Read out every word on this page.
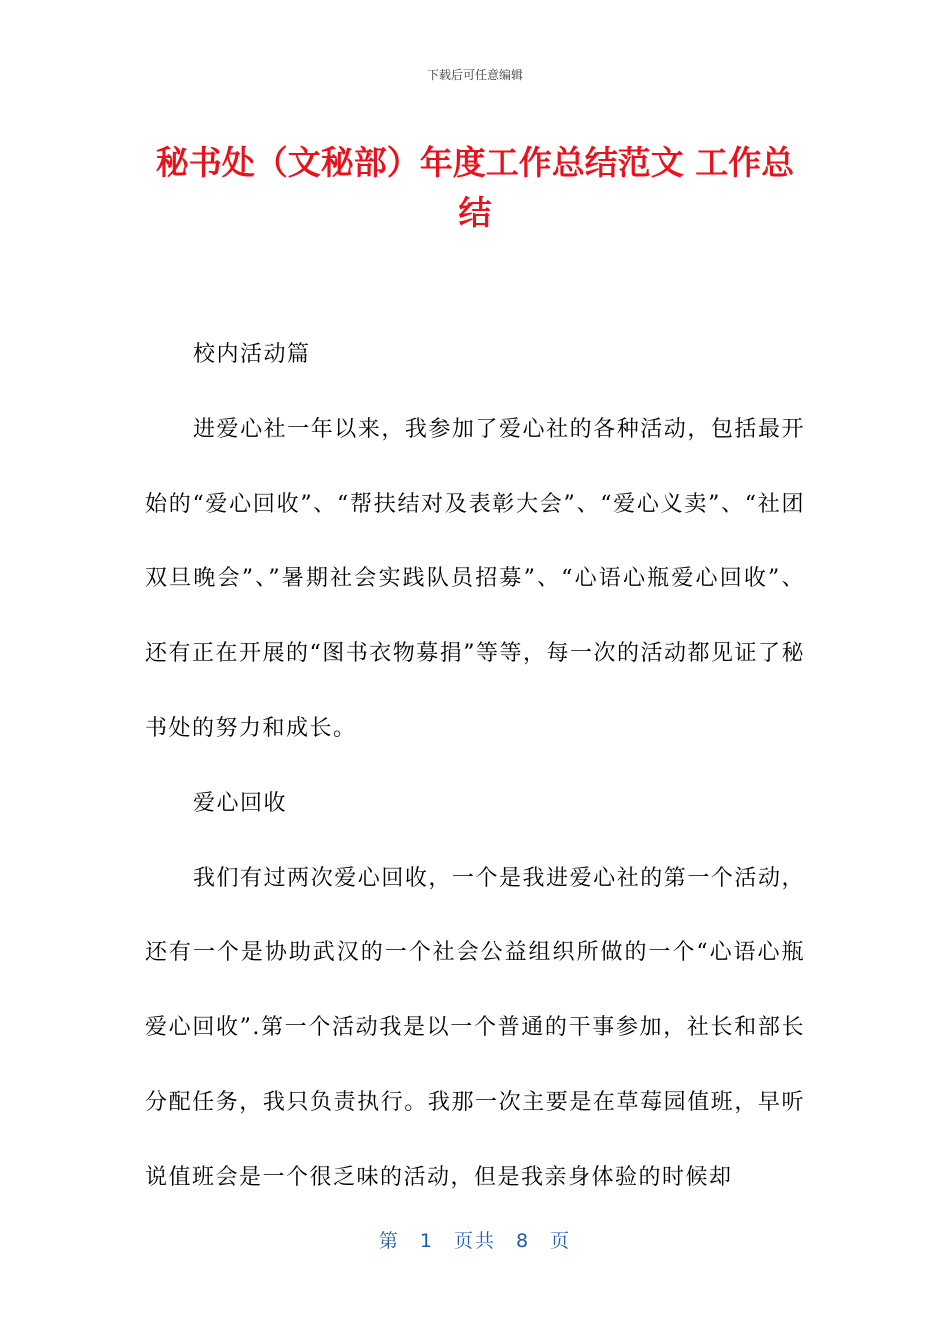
下载后可任意编辑
秘书处（文秘部）年度工作总结范文 工作总结

校内活动篇

进爱心社一年以来，我参加了爱心社的各种活动，包括最开始的“爱心回收”、“帮扶结对及表彰大会”、“爱心义卖”、“社团双旦晚会”、”暑期社会实践队员招募”、“心语心瓶爱心回收”、还有正在开展的“图书衣物募捐”等等，每一次的活动都见证了秘书处的努力和成长。

爱心回收

我们有过两次爱心回收，一个是我进爱心社的第一个活动，还有一个是协助武汉的一个社会公益组织所做的一个“心语心瓶爱心回收”.第一个活动我是以一个普通的干事参加，社长和部长分配任务，我只负责执行。我那一次主要是在草莓园值班，早听说值班会是一个很乏味的活动，但是我亲身体验的时候却

第 1 页共 8 页
